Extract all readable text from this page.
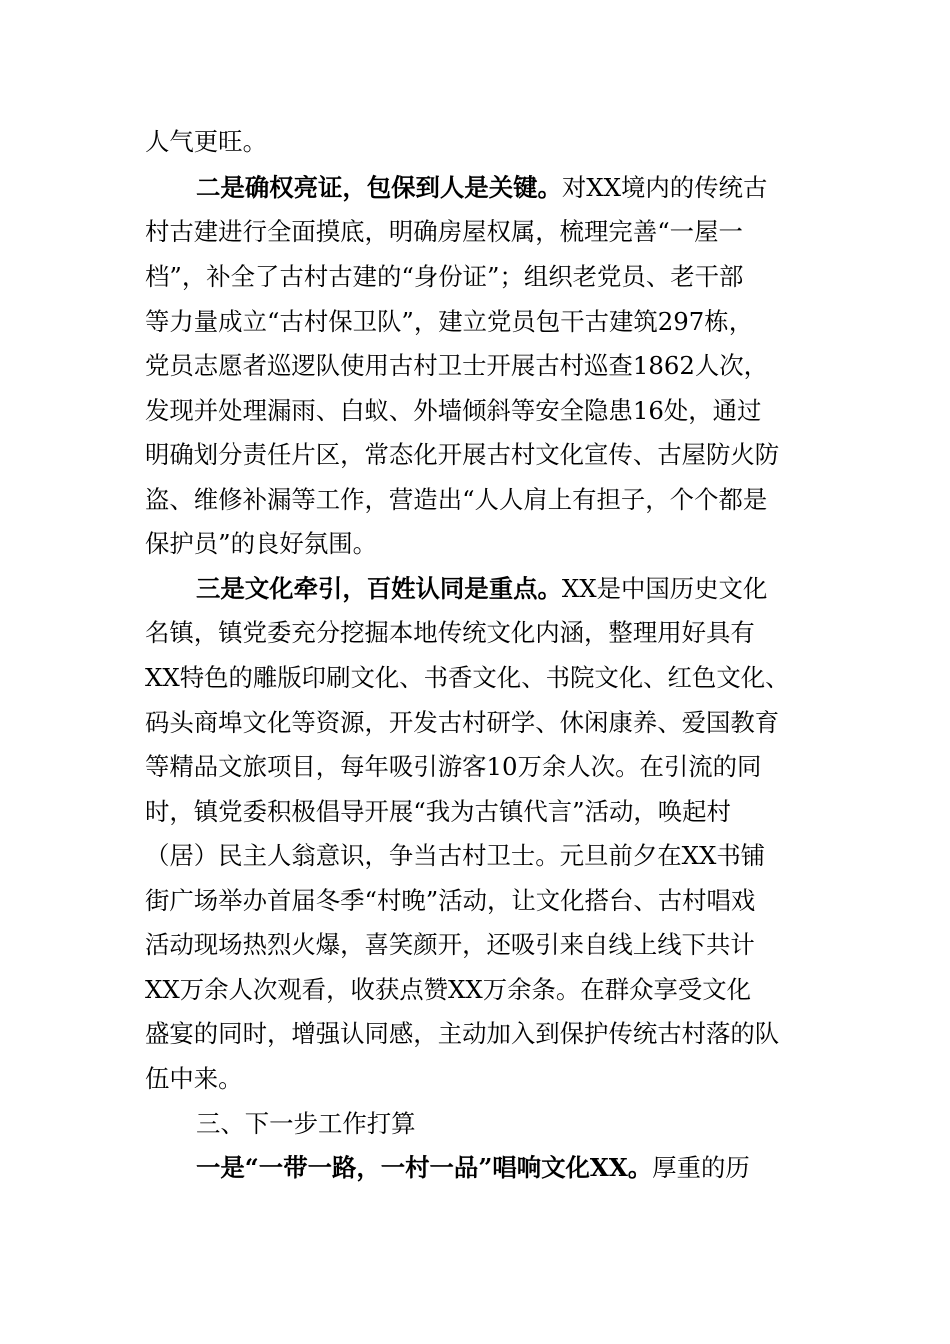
人气更旺。
二是确权亮证，包保到人是关键。对XX境内的传统古
村古建进行全面摸底，明确房屋权属，梳理完善“一屋一
档”，补全了古村古建的“身份证”；组织老党员、老干部
等力量成立“古村保卫队”，建立党员包干古建筑297栋，
党员志愿者巡逻队使用古村卫士开展古村巡查1862人次，
发现并处理漏雨、白蚁、外墙倾斜等安全隐患16处，通过
明确划分责任片区，常态化开展古村文化宣传、古屋防火防
盗、维修补漏等工作，营造出“人人肩上有担子，个个都是
保护员”的良好氛围。
三是文化牵引，百姓认同是重点。XX是中国历史文化
名镇，镇党委充分挖掘本地传统文化内涵，整理用好具有
XX特色的雕版印刷文化、书香文化、书院文化、红色文化、
码头商埠文化等资源，开发古村研学、休闲康养、爱国教育
等精品文旅项目，每年吸引游客10万余人次。在引流的同
时，镇党委积极倡导开展“我为古镇代言”活动，唤起村
（居）民主人翁意识，争当古村卫士。元旦前夕在XX书铺
街广场举办首届冬季“村晚”活动，让文化搭台、古村唱戏
活动现场热烈火爆，喜笑颜开，还吸引来自线上线下共计
XX万余人次观看，收获点赞XX万余条。在群众享受文化
盛宴的同时，增强认同感，主动加入到保护传统古村落的队
伍中来。
三、下一步工作打算
一是“一带一路，一村一品”唱响文化XX。厚重的历
